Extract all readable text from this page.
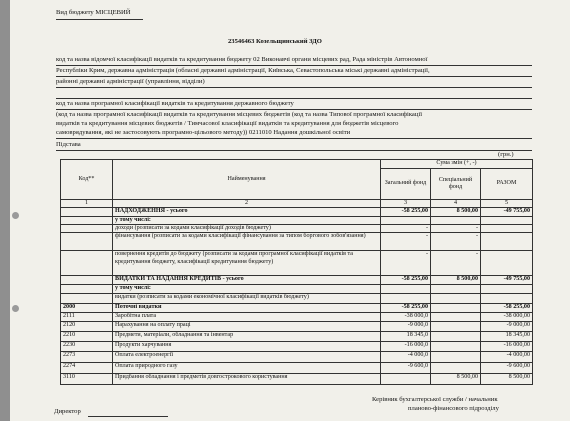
Вид бюджету МІСЦЕВИЙ
23546463 Козельщинський ЗДО
код та назва відомчої класифікації видатків та кредитування бюджету 02 Виконавчі органи місцевих рад, Рада міністрів Автономної
Республіки Крим, державна адміністрація (обласні державні адміністрації, Київська, Севастопольська міські державні адміністрації,
районні державні адміністрації (управління, відділи)
код та назва програмної класифікації видатків та кредитування державного бюджету
(код та назва програмної класифікації видатків та кредитування місцевих бюджетів (код та назва Типової програмної класифікації
видатків та кредитування місцевих бюджетів / Тимчасової класифікації видатків та кредитування для бюджетів місцевого
самоврядування, які не застосовують програмно-цільового методу)) 0211010 Надання дошкільної освіти
Підстава
(грн.)
Код**	Найменування	Сума змін (+, -)		
		Загальний фонд	Спеціальний фонд	РАЗОМ
1	2	3	4	5
	НАДХОДЖЕННЯ - усього	-58 255,00	8 500,00	-49 755,00
	у тому числі:			
	доходи (розписати за кодами класифікації доходів бюджету)	-	-	
	фінансування (розписати за кодами класифікації фінансування за типом боргового зобов'язання)	-	-	
	повернення кредитів до бюджету (розписати за кодами програмної класифікації видатків та кредитування бюджету, класифікації кредитування бюджету)	-	-	
	ВИДАТКИ ТА НАДАННЯ КРЕДИТІВ - усього	-58 255,00	8 500,00	-49 755,00
	у тому числі:			
	видатки (розписати за кодами економічної класифікації видатків бюджету)			
2000	Поточні видатки	-58 255,00		-58 255,00
2111	Заробітна плата	-38 000,0		-38 000,00
2120	Нарахування на оплату праці	-9 000,0		-9 000,00
2210	Предмети, матеріали, обладнання та інвентар	18 345,0		18 345,00
2230	Продукти харчування	-16 000,0		-16 000,00
2273	Оплата електроенергії	-4 000,0		-4 000,00
2274	Оплата природного газу	-9 600,0		-9 600,00
3110	Придбання обладнання і предметів довгострокового користування		8 500,00	8 500,00
Директор
Керівник бухгалтерської служби / начальник
планово-фінансового підрозділу
